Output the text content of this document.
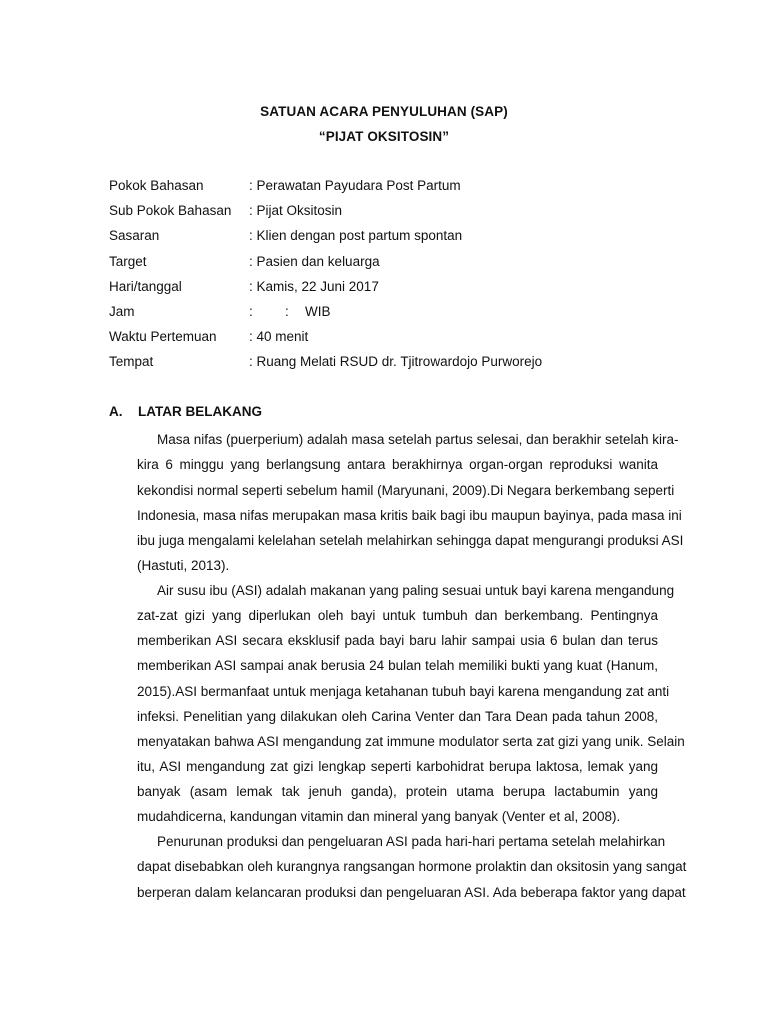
SATUAN ACARA PENYULUHAN (SAP)
“PIJAT OKSITOSIN”
Pokok Bahasan	: Perawatan Payudara Post Partum
Sub Pokok Bahasan : Pijat Oksitosin
Sasaran	: Klien dengan post partum spontan
Target	: Pasien dan keluarga
Hari/tanggal	: Kamis, 22 Juni 2017
Jam	: : WIB
Waktu Pertemuan : 40 menit
Tempat	: Ruang Melati RSUD dr. Tjitrowardojo Purworejo
A. LATAR BELAKANG
Masa nifas (puerperium) adalah masa setelah partus selesai, dan berakhir setelah kira-
kira 6 minggu yang berlangsung antara berakhirnya organ-organ reproduksi wanita
kekondisi normal seperti sebelum hamil (Maryunani, 2009).Di Negara berkembang seperti
Indonesia, masa nifas merupakan masa kritis baik bagi ibu maupun bayinya, pada masa ini
ibu juga mengalami kelelahan setelah melahirkan sehingga dapat mengurangi produksi ASI
(Hastuti, 2013).
Air susu ibu (ASI) adalah makanan yang paling sesuai untuk bayi karena mengandung
zat-zat gizi yang diperlukan oleh bayi untuk tumbuh dan berkembang. Pentingnya
memberikan ASI secara eksklusif pada bayi baru lahir sampai usia 6 bulan dan terus
memberikan ASI sampai anak berusia 24 bulan telah memiliki bukti yang kuat (Hanum,
2015).ASI bermanfaat untuk menjaga ketahanan tubuh bayi karena mengandung zat anti
infeksi. Penelitian yang dilakukan oleh Carina Venter dan Tara Dean pada tahun 2008,
menyatakan bahwa ASI mengandung zat immune modulator serta zat gizi yang unik. Selain
itu, ASI mengandung zat gizi lengkap seperti karbohidrat berupa laktosa, lemak yang
banyak (asam lemak tak jenuh ganda), protein utama berupa lactabumin yang
mudahdicerna, kandungan vitamin dan mineral yang banyak (Venter et al, 2008).
Penurunan produksi dan pengeluaran ASI pada hari-hari pertama setelah melahirkan
dapat disebabkan oleh kurangnya rangsangan hormone prolaktin dan oksitosin yang sangat
berperan dalam kelancaran produksi dan pengeluaran ASI. Ada beberapa faktor yang dapat
